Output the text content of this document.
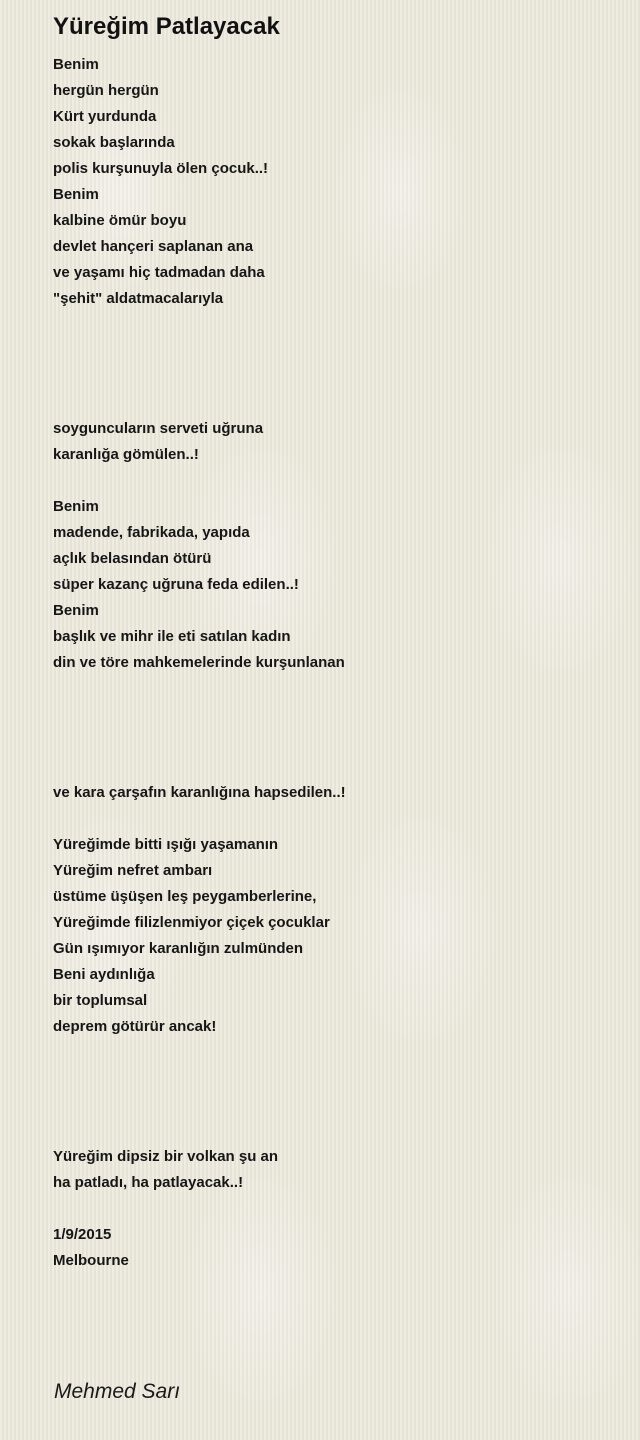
Yüreğim Patlayacak
Benim
hergün hergün
Kürt yurdunda
sokak başlarında
polis kurşunuyla ölen çocuk..!
Benim
kalbine ömür boyu
devlet hançeri saplanan ana
ve yaşamı hiç tadmadan daha
"şehit" aldatmacalarıyla
soyguncuların serveti uğruna
karanlığa gömülen..!
Benim
madende, fabrikada, yapıda
açlık belasından ötürü
süper kazanç uğruna feda edilen..!
Benim
başlık ve mihr ile eti satılan kadın
din ve töre mahkemelerinde kurşunlanan
ve kara çarşafın karanlığına hapsedilen..!
Yüreğimde bitti ışığı yaşamanın
Yüreğim nefret ambarı
üstüme üşüşen leş peygamberlerine,
Yüreğimde filizlenmiyor çiçek çocuklar
Gün ışımıyor karanlığın zulmünden
Beni aydınlığa
bir toplumsal
deprem götürür ancak!
Yüreğim dipsiz bir volkan şu an
ha patladı, ha patlayacak..!
1/9/2015
Melbourne
Mehmed Sarı
